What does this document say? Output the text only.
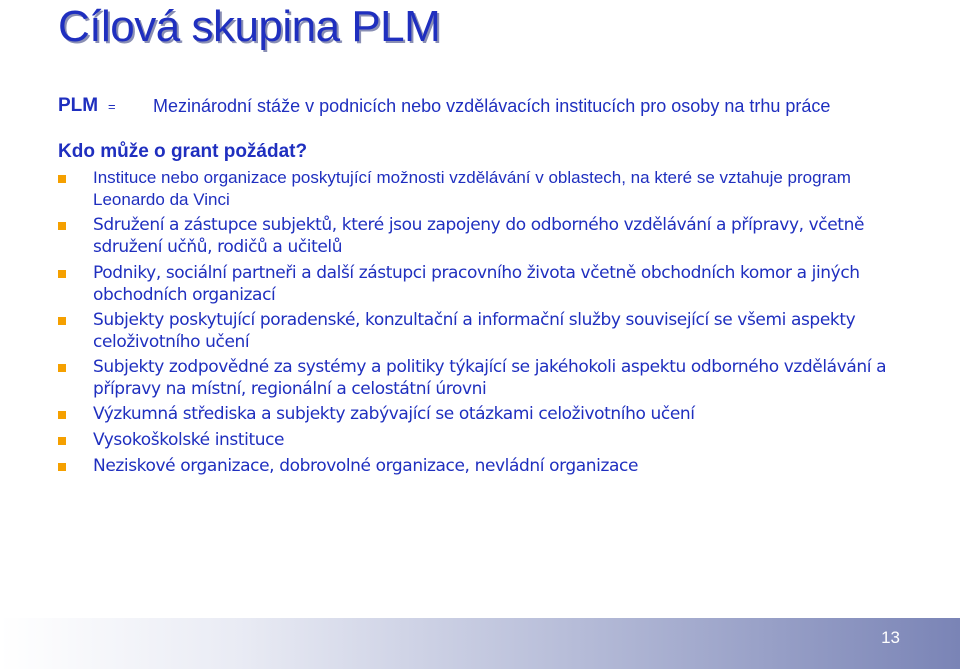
Cílová skupina PLM
PLM = Mezinárodní stáže v podnicích nebo vzdělávacích institucích pro osoby na trhu práce
Kdo může o grant požádat?
Instituce nebo organizace poskytující možnosti vzdělávání v oblastech, na které se vztahuje program Leonardo da Vinci
Sdružení a zástupce subjektů, které jsou zapojeny do odborného vzdělávání a přípravy, včetně sdružení učňů, rodičů a učitelů
Podniky, sociální partneři a další zástupci pracovního života včetně obchodních komor a jiných obchodních organizací
Subjekty poskytující poradenské, konzultační a informační služby související se všemi aspekty celoživotního učení
Subjekty zodpovědné za systémy a politiky týkající se jakéhokoli aspektu odborného vzdělávání a přípravy na místní, regionální a celostátní úrovni
Výzkumná střediska a subjekty zabývající se otázkami celoživotního učení
Vysokoškolské instituce
Neziskové organizace, dobrovolné organizace, nevládní organizace
13
